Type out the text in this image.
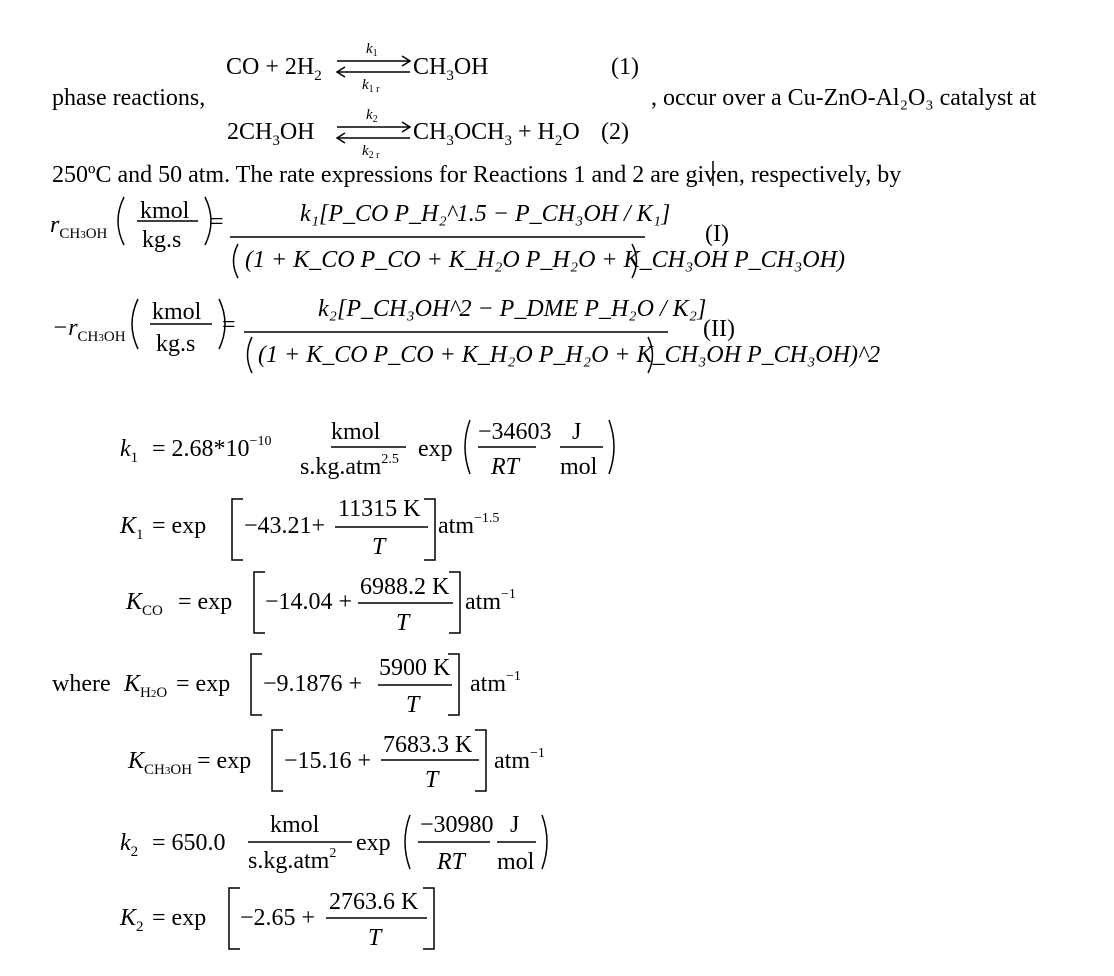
CO + $2H_2$
$k_1$
$k_{1 r}$
$CH_3OH$	(1)
phase reactions,	, occur over a Cu-ZnO-Al₂O₃ catalyst at
$2CH_3OH$
$k_2$
$k_{2 r}$
$CH_3OCH_3 + H_2O$ (2)
250ºC and 50 atm. The rate expressions for Reactions 1 and 2 are given, respectively, by
$r_{CH3OH}$
kmol
kg.s
=	k₁[P_CO P_H₂^1.5 − P_CH₃OH / K₁]
(1 + K_CO P_CO + K_H₂O P_H₂O + K_CH₃OH P_CH₃OH)
(I)
$-r_{CH3OH}$
kmol
kg.s
=
k₂[P_CH₃OH^2 − P_DME P_H₂O / K₂]
(1 + K_CO P_CO + K_H₂O P_H₂O + K_CH₃OH P_CH₃OH)^2
(II)
$k_1 = 2.68*10^{-10}$ kmol
s.kg.atm$^{2.5}$ exp
−34603
RT
J
mol
$K_1 = \exp -43.21+$
11315 K
T
atm$^{-1.5}$
$K_{CO} = \exp -14.04$ +
6988.2 K
T
atm$^{-1}$
where $K_{H2O} = \exp -9.1876$ +
5900 K
T
atm$^{-1}$
$K_{CH3OH} = \exp -15.16$ +
7683.3 K
T
atm$^{-1}$
$k_2 = 650.0$
kmol
s.kg.atm$^2$ exp
−30980
RT
J
mol
$K_2 = \exp -2.65$ +
2763.6 K
T
